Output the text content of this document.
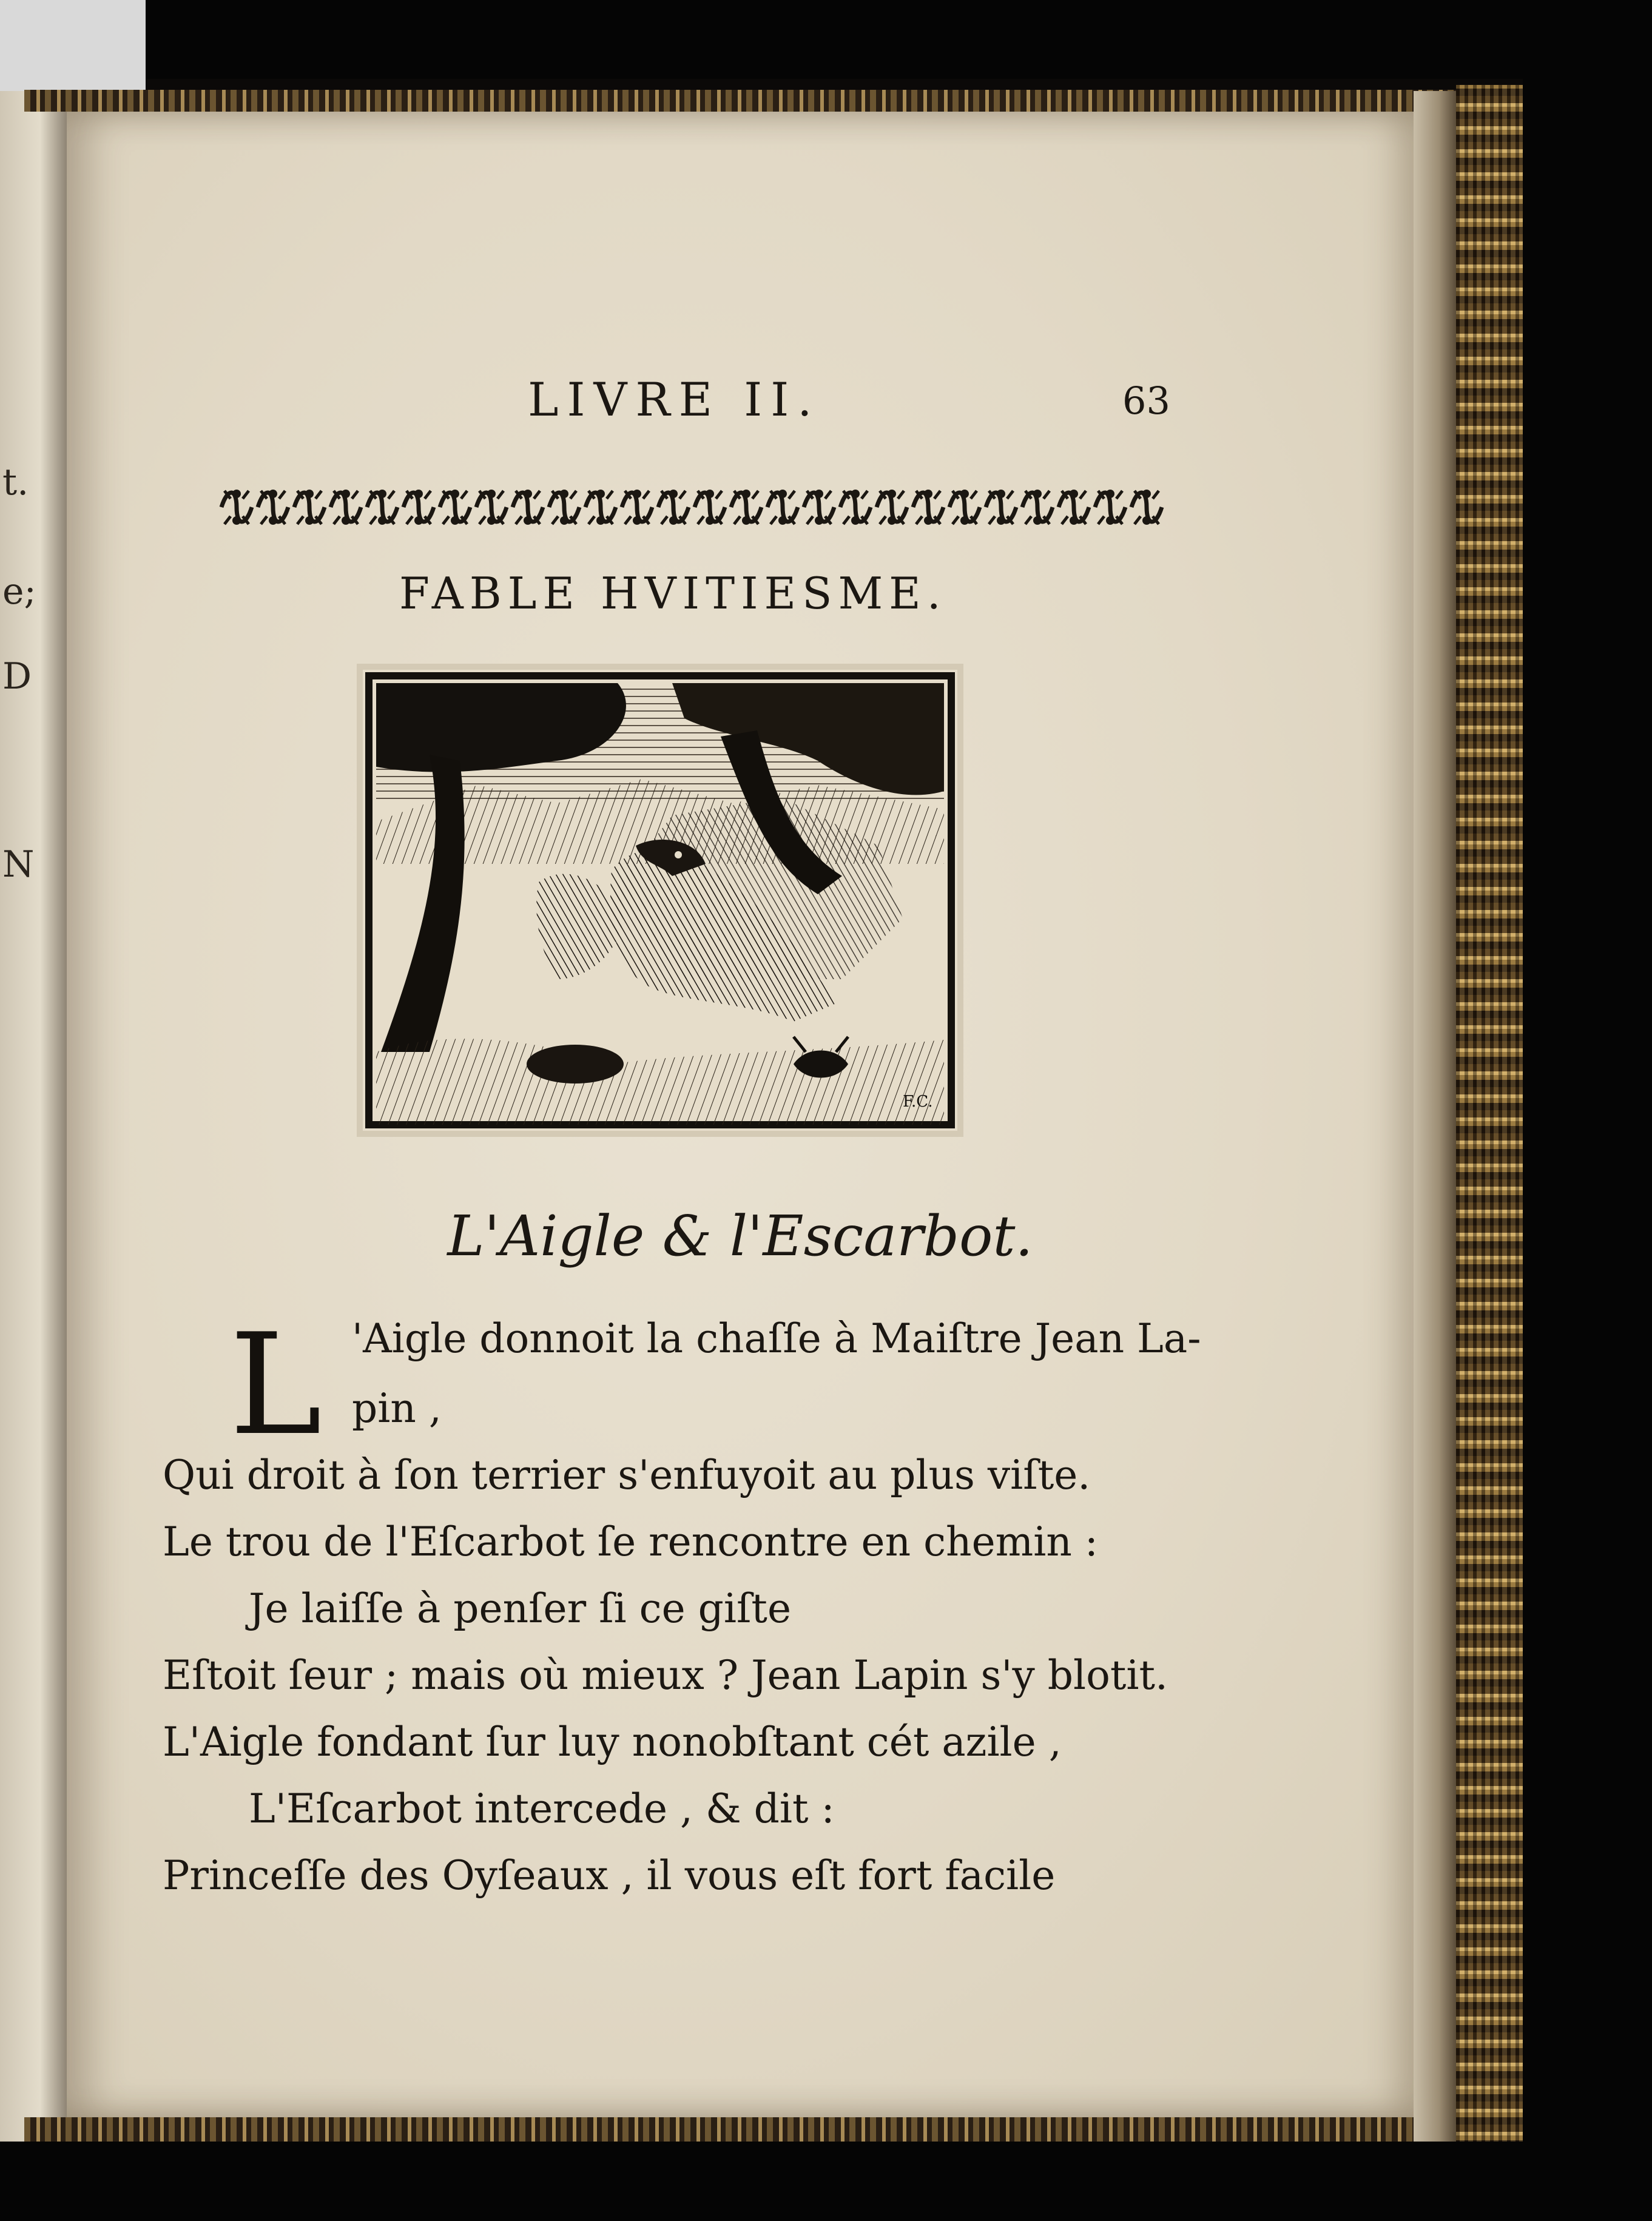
t.
e;
D
N
LIVRE II.	63
FABLE HVITIESME.
F.C.
L'Aigle & l'Escarbot.
L 'Aigle donnoit la chaſſe à Maiſtre Jean La-
pin ,
Qui droit à ſon terrier s'enfuyoit au plus viſte.
Le trou de l'Eſcarbot ſe rencontre en chemin :
Je laiſſe à penſer ſi ce giſte
Eſtoit ſeur ; mais où mieux ? Jean Lapin s'y blotit.
L'Aigle fondant ſur luy nonobſtant cét azile ,
L'Eſcarbot intercede , & dit :
Princeſſe des Oyſeaux , il vous eſt fort facile
